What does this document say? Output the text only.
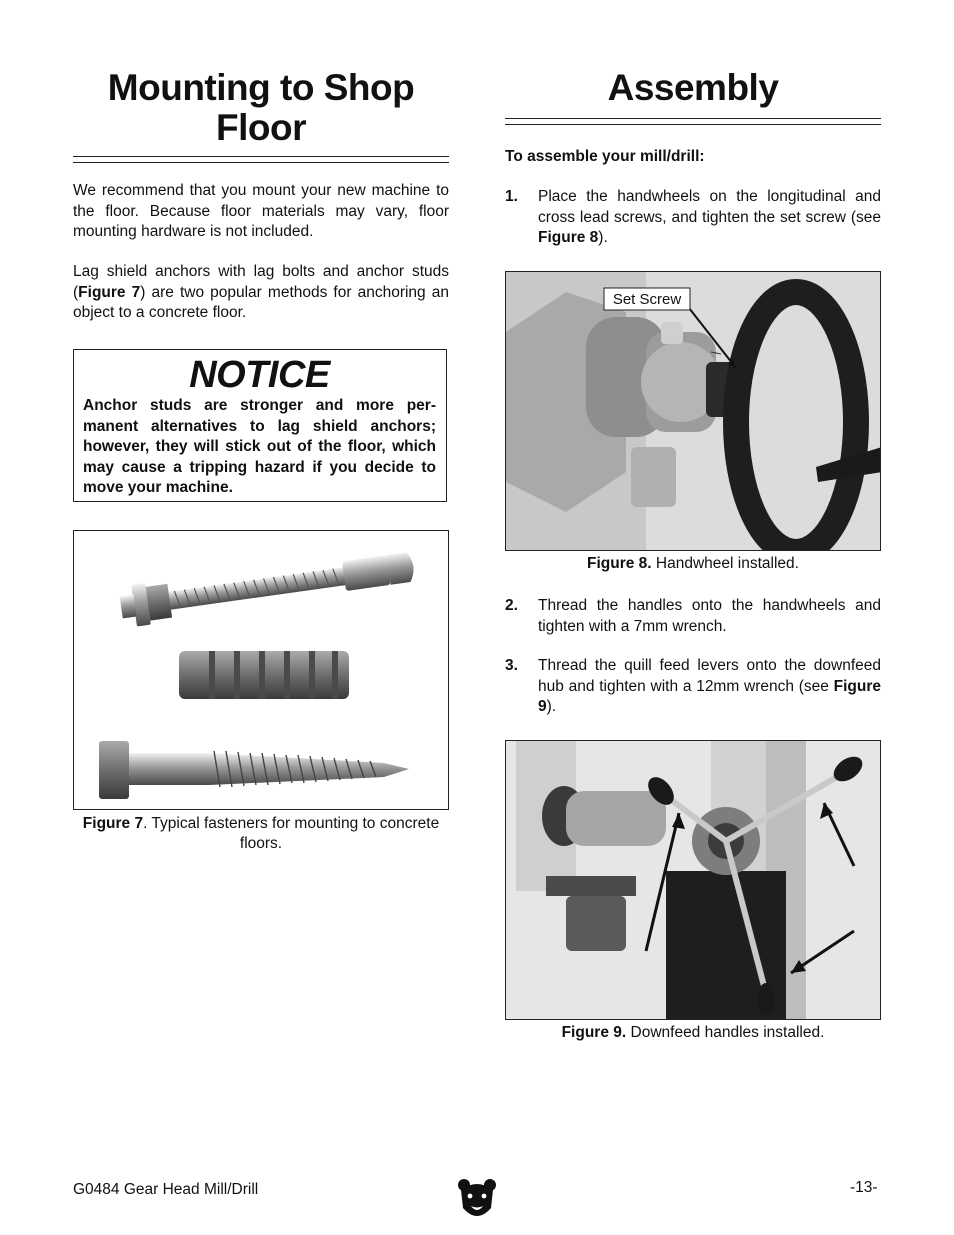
Mounting to Shop Floor

We recommend that you mount your new machine to the floor. Because floor materials may vary, floor mounting hardware is not included.

Lag shield anchors with lag bolts and anchor studs (Figure 7) are two popular methods for anchoring an object to a concrete floor.

NOTICE
Anchor studs are stronger and more per-manent alternatives to lag shield anchors; however, they will stick out of the floor, which may cause a tripping hazard if you decide to move your machine.
Figure 7. Typical fasteners for mounting to concrete floors.
Assembly
To assemble your mill/drill:
1. Place the handwheels on the longitudinal and cross lead screws, and tighten the set screw (see Figure 8).
Set Screw
Figure 8. Handwheel installed.
2. Thread the handles onto the handwheels and tighten with a 7mm wrench.
3. Thread the quill feed levers onto the downfeed hub and tighten with a 12mm wrench (see Figure 9).
Figure 9. Downfeed handles installed.
G0484 Gear Head Mill/Drill	-13-
